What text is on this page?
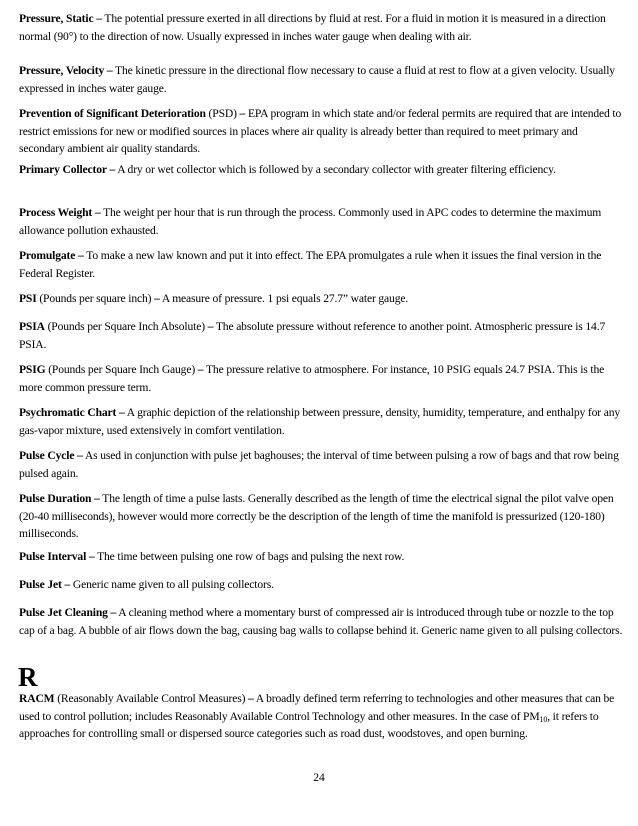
Pressure, Static – The potential pressure exerted in all directions by fluid at rest. For a fluid in motion it is measured in a direction normal (90°) to the direction of now. Usually expressed in inches water gauge when dealing with air.
Pressure, Velocity – The kinetic pressure in the directional flow necessary to cause a fluid at rest to flow at a given velocity. Usually expressed in inches water gauge.
Prevention of Significant Deterioration (PSD) – EPA program in which state and/or federal permits are required that are intended to restrict emissions for new or modified sources in places where air quality is already better than required to meet primary and secondary ambient air quality standards.
Primary Collector – A dry or wet collector which is followed by a secondary collector with greater filtering efficiency.
Process Weight – The weight per hour that is run through the process. Commonly used in APC codes to determine the maximum allowance pollution exhausted.
Promulgate – To make a new law known and put it into effect. The EPA promulgates a rule when it issues the final version in the Federal Register.
PSI (Pounds per square inch) – A measure of pressure. 1 psi equals 27.7” water gauge.
PSIA (Pounds per Square Inch Absolute) – The absolute pressure without reference to another point. Atmospheric pressure is 14.7 PSIA.
PSIG (Pounds per Square Inch Gauge) – The pressure relative to atmosphere. For instance, 10 PSIG equals 24.7 PSIA. This is the more common pressure term.
Psychromatic Chart – A graphic depiction of the relationship between pressure, density, humidity, temperature, and enthalpy for any gas-vapor mixture, used extensively in comfort ventilation.
Pulse Cycle – As used in conjunction with pulse jet baghouses; the interval of time between pulsing a row of bags and that row being pulsed again.
Pulse Duration – The length of time a pulse lasts. Generally described as the length of time the electrical signal the pilot valve open (20-40 milliseconds), however would more correctly be the description of the length of time the manifold is pressurized (120-180) milliseconds.
Pulse Interval – The time between pulsing one row of bags and pulsing the next row.
Pulse Jet – Generic name given to all pulsing collectors.
Pulse Jet Cleaning – A cleaning method where a momentary burst of compressed air is introduced through tube or nozzle to the top cap of a bag. A bubble of air flows down the bag, causing bag walls to collapse behind it. Generic name given to all pulsing collectors.
R
RACM (Reasonably Available Control Measures) – A broadly defined term referring to technologies and other measures that can be used to control pollution; includes Reasonably Available Control Technology and other measures. In the case of $PM_{10}$, it refers to approaches for controlling small or dispersed source categories such as road dust, woodstoves, and open burning.
24
